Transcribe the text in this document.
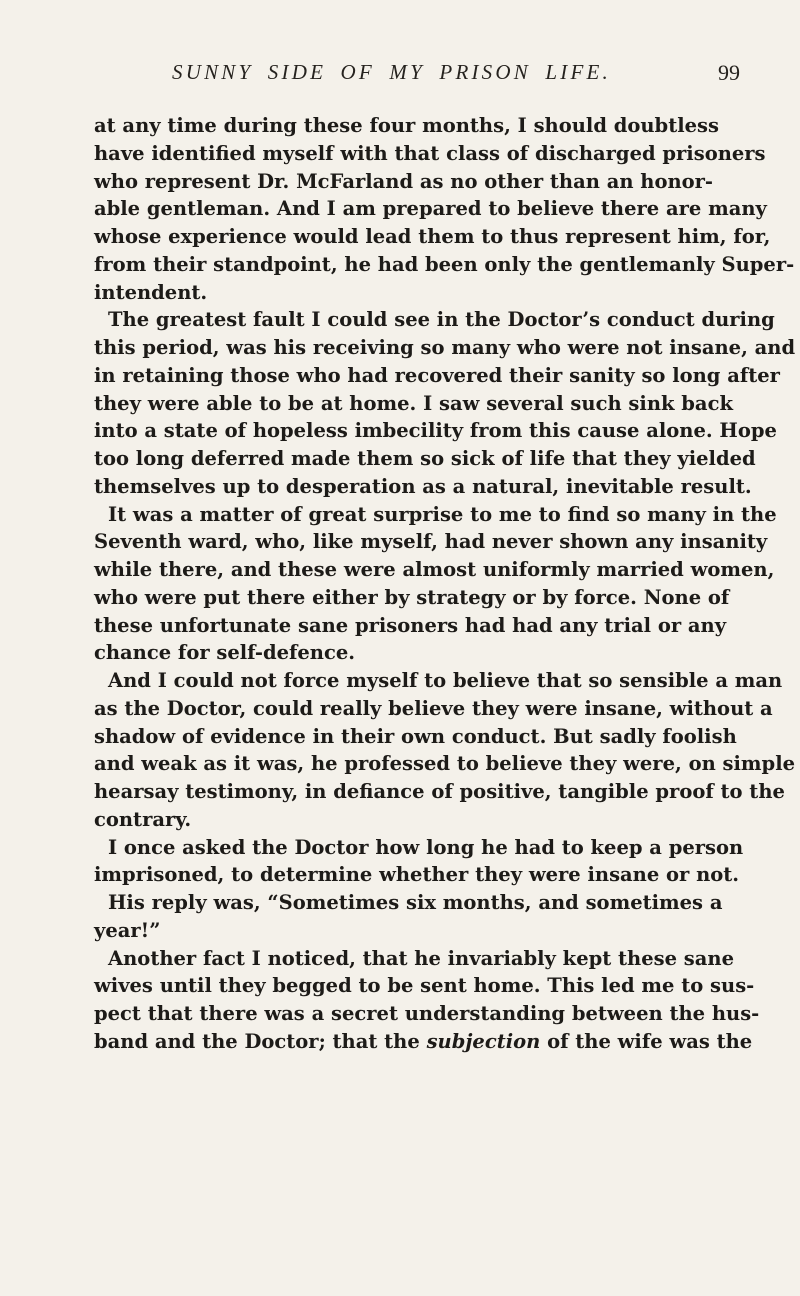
SUNNY SIDE OF MY PRISON LIFE.	99
at any time during these four months, I should doubtless
have identified myself with that class of discharged prisoners
who represent Dr. McFarland as no other than an honor-
able gentleman. And I am prepared to believe there are many
whose experience would lead them to thus represent him, for,
from their standpoint, he had been only the gentlemanly Super-
intendent.
The greatest fault I could see in the Doctor’s conduct during
this period, was his receiving so many who were not insane, and
in retaining those who had recovered their sanity so long after
they were able to be at home. I saw several such sink back
into a state of hopeless imbecility from this cause alone. Hope
too long deferred made them so sick of life that they yielded
themselves up to desperation as a natural, inevitable result.
It was a matter of great surprise to me to find so many in the
Seventh ward, who, like myself, had never shown any insanity
while there, and these were almost uniformly married women,
who were put there either by strategy or by force. None of
these unfortunate sane prisoners had had any trial or any
chance for self-defence.
And I could not force myself to believe that so sensible a man
as the Doctor, could really believe they were insane, without a
shadow of evidence in their own conduct. But sadly foolish
and weak as it was, he professed to believe they were, on simple
hearsay testimony, in defiance of positive, tangible proof to the
contrary.
I once asked the Doctor how long he had to keep a person
imprisoned, to determine whether they were insane or not.
His reply was, “Sometimes six months, and sometimes a
year!”
Another fact I noticed, that he invariably kept these sane
wives until they begged to be sent home. This led me to sus-
pect that there was a secret understanding between the hus-
band and the Doctor; that the subjection of the wife was the
